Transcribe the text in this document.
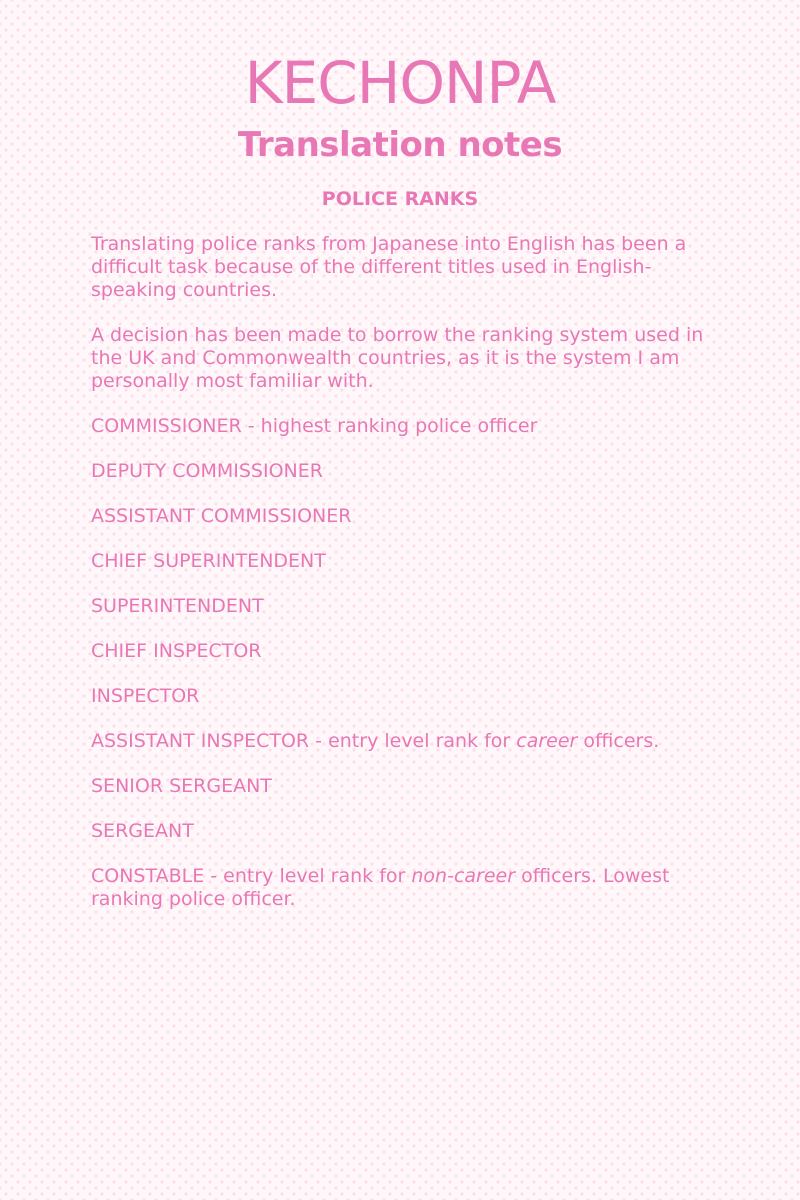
KECHONPA
Translation notes
POLICE RANKS

Translating police ranks from Japanese into English has been a difficult task because of the different titles used in English-speaking countries.

A decision has been made to borrow the ranking system used in the UK and Commonwealth countries, as it is the system I am personally most familiar with.

COMMISSIONER - highest ranking police officer

DEPUTY COMMISSIONER

ASSISTANT COMMISSIONER

CHIEF SUPERINTENDENT

SUPERINTENDENT

CHIEF INSPECTOR

INSPECTOR

ASSISTANT INSPECTOR - entry level rank for career officers.

SENIOR SERGEANT

SERGEANT

CONSTABLE - entry level rank for non-career officers. Lowest ranking police officer.
